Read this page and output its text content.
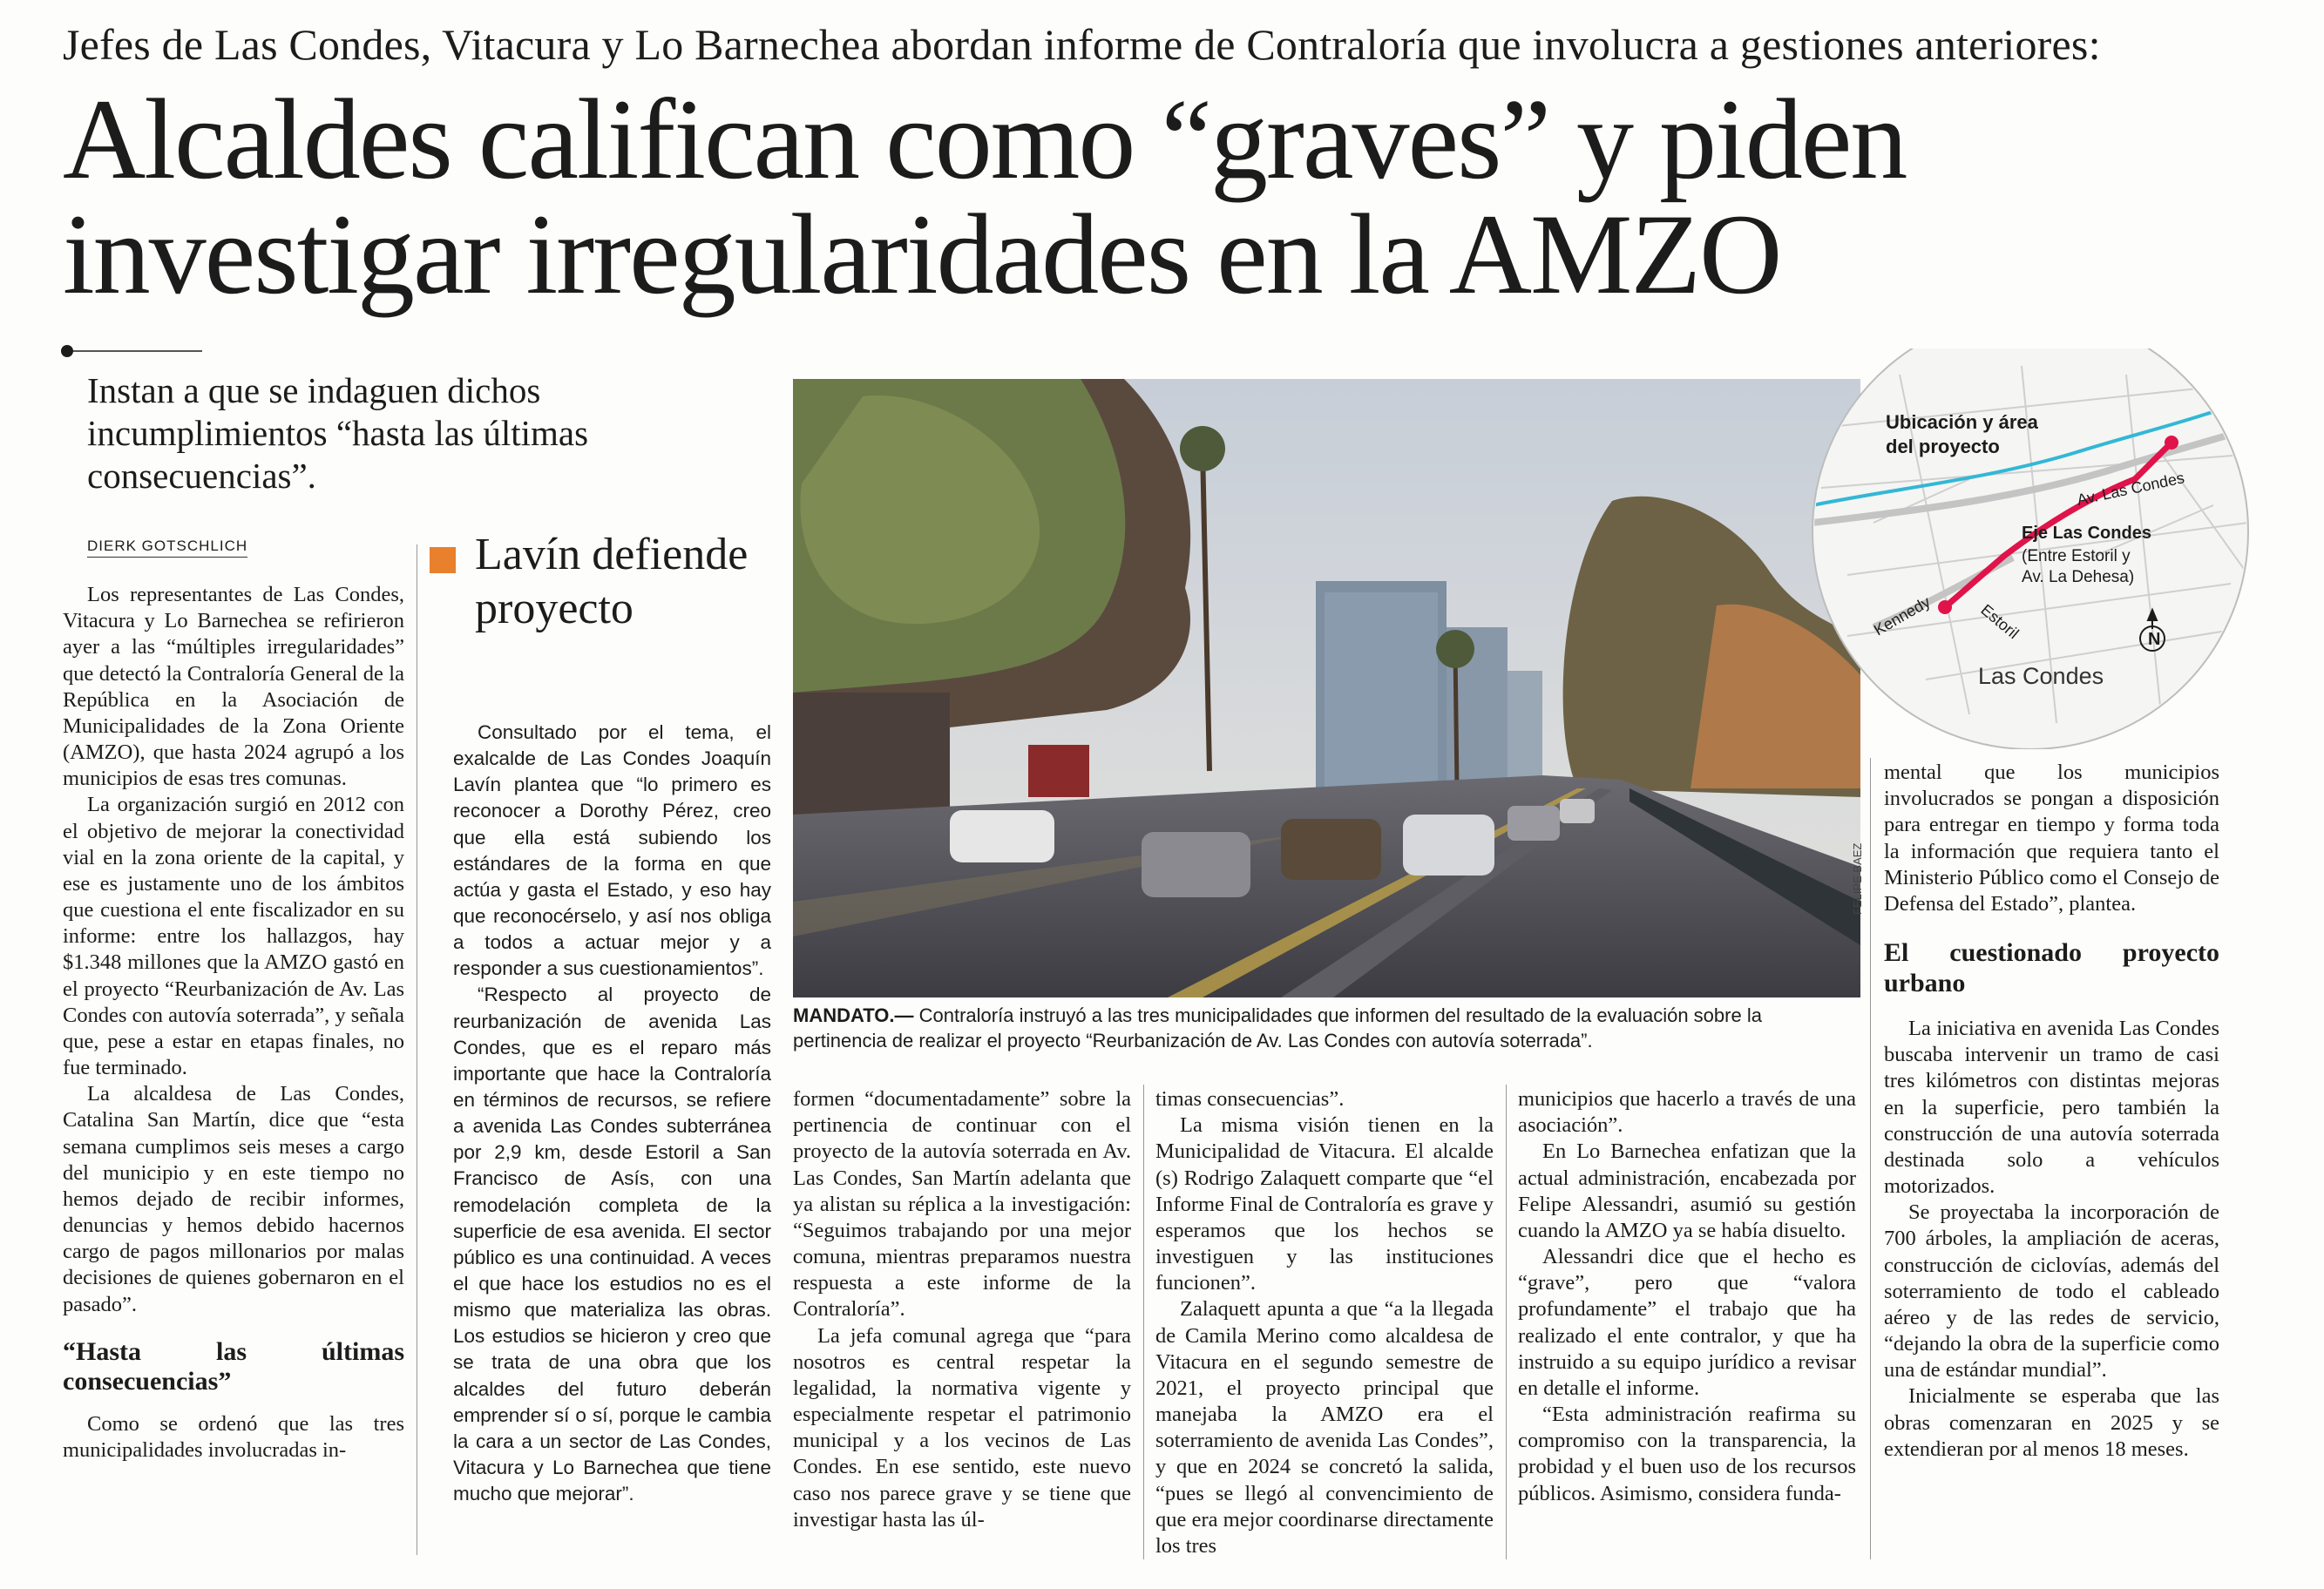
Jefes de Las Condes, Vitacura y Lo Barnechea abordan informe de Contraloría que involucra a gestiones anteriores:
Alcaldes califican como “graves” y piden
investigar irregularidades en la AMZO
Instan a que se indaguen dichos incumplimientos “hasta las últimas consecuencias”.
DIERK GOTSCHLICH

Los representantes de Las Condes, Vitacura y Lo Barnechea se refirieron ayer a las “múltiples irregularidades” que detectó la Contraloría General de la República en la Asociación de Municipalidades de la Zona Oriente (AMZO), que hasta 2024 agrupó a los municipios de esas tres comunas.

La organización surgió en 2012 con el objetivo de mejorar la conectividad vial en la zona oriente de la capital, y ese es justamente uno de los ámbitos que cuestiona el ente fiscalizador en su informe: entre los hallazgos, hay $1.348 millones que la AMZO gastó en el proyecto “Reurbanización de Av. Las Condes con autovía soterrada”, y señala que, pese a estar en etapas finales, no fue terminado.

La alcaldesa de Las Condes, Catalina San Martín, dice que “esta semana cumplimos seis meses a cargo del municipio y en este tiempo no hemos dejado de recibir informes, denuncias y hemos debido hacernos cargo de pagos millonarios por malas decisiones de quienes gobernaron en el pasado”.

“Hasta las últimas consecuencias”

Como se ordenó que las tres municipalidades involucradas in-

Lavín defiende proyecto

Consultado por el tema, el exalcalde de Las Condes Joaquín Lavín plantea que “lo primero es reconocer a Dorothy Pérez, creo que ella está subiendo los estándares de la forma en que actúa y gasta el Estado, y eso hay que reconocérselo, y así nos obliga a todos a actuar mejor y a responder a sus cuestionamientos”.

“Respecto al proyecto de reurbanización de avenida Las Condes, que es el reparo más importante que hace la Contraloría en términos de recursos, se refiere a avenida Las Condes subterránea por 2,9 km, desde Estoril a San Francisco de Asís, con una remodelación completa de la superficie de esa avenida. El sector público es una continuidad. A veces el que hace los estudios no es el mismo que materializa las obras. Los estudios se hicieron y creo que se trata de una obra que los alcaldes del futuro deberán emprender sí o sí, porque le cambia la cara a un sector de Las Condes, Vitacura y Lo Barnechea que tiene mucho que mejorar”.

FELIPE BAEZ
MANDATO.— Contraloría instruyó a las tres municipalidades que informen del resultado de la evaluación sobre la pertinencia de realizar el proyecto “Reurbanización de Av. Las Condes con autovía soterrada”.
Ubicación y área
del proyecto
Av. Las Condes
Eje Las Condes
(Entre Estoril y
Av. La Dehesa)
Kennedy	Estoril	N
Las Condes

formen “documentadamente” sobre la pertinencia de continuar con el proyecto de la autovía soterrada en Av. Las Condes, San Martín adelanta que ya alistan su réplica a la investigación: “Seguimos trabajando por una mejor comuna, mientras preparamos nuestra respuesta a este informe de la Contraloría”.

La jefa comunal agrega que “para nosotros es central respetar la legalidad, la normativa vigente y especialmente respetar el patrimonio municipal y a los vecinos de Las Condes. En ese sentido, este nuevo caso nos parece grave y se tiene que investigar hasta las úl-

timas consecuencias”.

La misma visión tienen en la Municipalidad de Vitacura. El alcalde (s) Rodrigo Zalaquett comparte que “el Informe Final de Contraloría es grave y esperamos que los hechos se investiguen y las instituciones funcionen”.

Zalaquett apunta a que “a la llegada de Camila Merino como alcaldesa de Vitacura en el segundo semestre de 2021, el proyecto principal que manejaba la AMZO era el soterramiento de avenida Las Condes”, y que en 2024 se concretó la salida, “pues se llegó al convencimiento de que era mejor coordinarse directamente los tres

municipios que hacerlo a través de una asociación”.

En Lo Barnechea enfatizan que la actual administración, encabezada por Felipe Alessandri, asumió su gestión cuando la AMZO ya se había disuelto.

Alessandri dice que el hecho es “grave”, pero que “valora profundamente” el trabajo que ha realizado el ente contralor, y que ha instruido a su equipo jurídico a revisar en detalle el informe.

“Esta administración reafirma su compromiso con la transparencia, la probidad y el buen uso de los recursos públicos. Asimismo, considera funda-

mental que los municipios involucrados se pongan a disposición para entregar en tiempo y forma toda la información que requiera tanto el Ministerio Público como el Consejo de Defensa del Estado”, plantea.

El cuestionado proyecto urbano

La iniciativa en avenida Las Condes buscaba intervenir un tramo de casi tres kilómetros con distintas mejoras en la superficie, pero también la construcción de una autovía soterrada destinada solo a vehículos motorizados.

Se proyectaba la incorporación de 700 árboles, la ampliación de aceras, construcción de ciclovías, además del soterramiento de todo el cableado aéreo y de las redes de servicio, “dejando la obra de la superficie como una de estándar mundial”.

Inicialmente se esperaba que las obras comenzaran en 2025 y se extendieran por al menos 18 meses.
